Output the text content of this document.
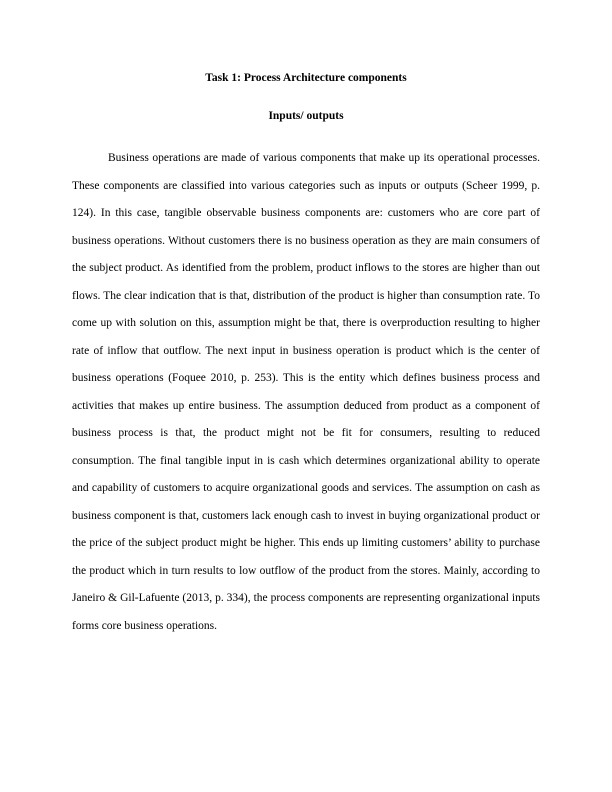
Task 1: Process Architecture components
Inputs/ outputs

Business operations are made of various components that make up its operational processes. These components are classified into various categories such as inputs or outputs (Scheer 1999, p. 124). In this case, tangible observable business components are: customers who are core part of business operations. Without customers there is no business operation as they are main consumers of the subject product. As identified from the problem, product inflows to the stores are higher than out flows. The clear indication that is that, distribution of the product is higher than consumption rate. To come up with solution on this, assumption might be that, there is overproduction resulting to higher rate of inflow that outflow. The next input in business operation is product which is the center of business operations (Foquee 2010, p. 253). This is the entity which defines business process and activities that makes up entire business. The assumption deduced from product as a component of business process is that, the product might not be fit for consumers, resulting to reduced consumption. The final tangible input in is cash which determines organizational ability to operate and capability of customers to acquire organizational goods and services. The assumption on cash as business component is that, customers lack enough cash to invest in buying organizational product or the price of the subject product might be higher. This ends up limiting customers’ ability to purchase the product which in turn results to low outflow of the product from the stores. Mainly, according to Janeiro & Gil-Lafuente (2013, p. 334), the process components are representing organizational inputs forms core business operations.
